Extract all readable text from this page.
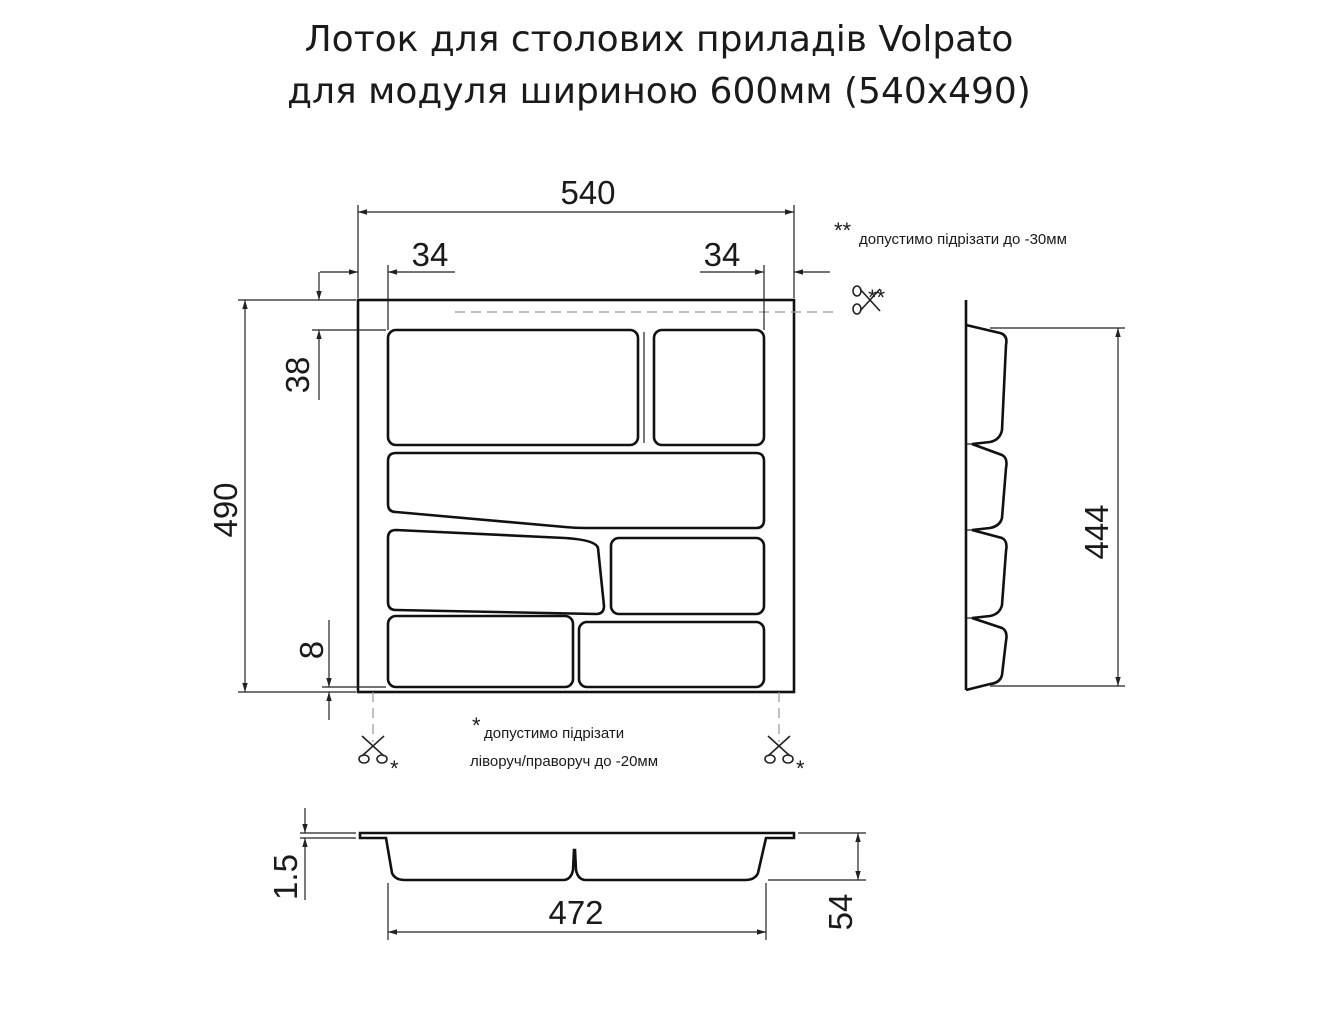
Лоток для столових приладів Volpato
для модуля шириною 600мм (540x490)
540
34	34
490
38
8
** допустимо підрізати до -30мм
* допустимо підрізати
ліворуч/праворуч до -20мм
**
*	*
444
1.5
472	54
